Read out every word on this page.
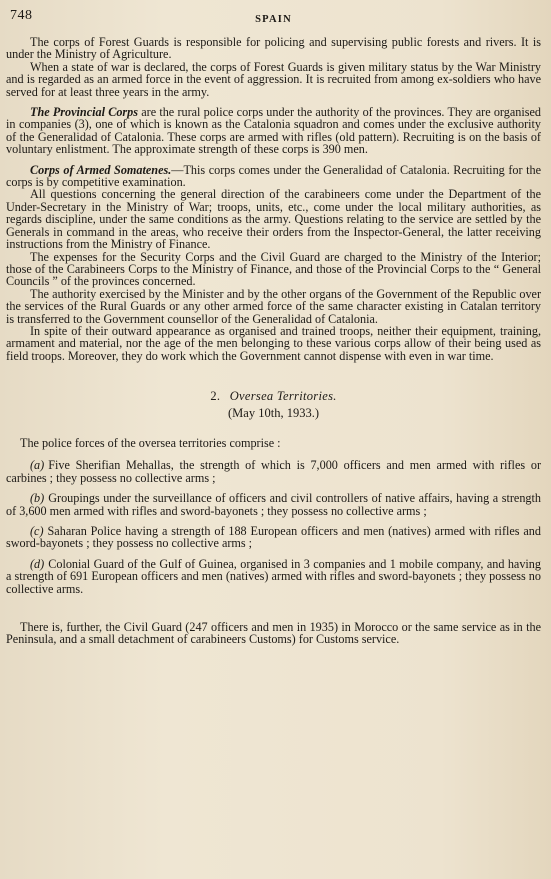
748	SPAIN

The corps of Forest Guards is responsible for policing and supervising public forests and rivers. It is under the Ministry of Agriculture.

When a state of war is declared, the corps of Forest Guards is given military status by the War Ministry and is regarded as an armed force in the event of aggression. It is recruited from among ex-soldiers who have served for at least three years in the army.

The Provincial Corps are the rural police corps under the authority of the provinces. They are organised in companies (3), one of which is known as the Catalonia squadron and comes under the exclusive authority of the Generalidad of Catalonia. These corps are armed with rifles (old pattern). Recruiting is on the basis of voluntary enlistment. The approximate strength of these corps is 390 men.

Corps of Armed Somatenes.—This corps comes under the Generalidad of Catalonia. Recruiting for the corps is by competitive examination.

All questions concerning the general direction of the carabineers come under the Department of the Under-Secretary in the Ministry of War; troops, units, etc., come under the local military authorities, as regards discipline, under the same conditions as the army. Questions relating to the service are settled by the Generals in command in the areas, who receive their orders from the Inspector-General, the latter receiving instructions from the Ministry of Finance.

The expenses for the Security Corps and the Civil Guard are charged to the Ministry of the Interior; those of the Carabineers Corps to the Ministry of Finance, and those of the Provincial Corps to the “ General Councils ” of the provinces concerned.

The authority exercised by the Minister and by the other organs of the Government of the Republic over the services of the Rural Guards or any other armed force of the same character existing in Catalan territory is transferred to the Government counsellor of the Generalidad of Catalonia.

In spite of their outward appearance as organised and trained troops, neither their equipment, training, armament and material, nor the age of the men belonging to these various corps allow of their being used as field troops. Moreover, they do work which the Government cannot dispense with even in war time.

2. Oversea Territories.
(May 10th, 1933.)

The police forces of the oversea territories comprise :

(a) Five Sherifian Mehallas, the strength of which is 7,000 officers and men armed with rifles or carbines ; they possess no collective arms ;

(b) Groupings under the surveillance of officers and civil controllers of native affairs, having a strength of 3,600 men armed with rifles and sword-bayonets ; they possess no collective arms ;

(c) Saharan Police having a strength of 188 European officers and men (natives) armed with rifles and sword-bayonets ; they possess no collective arms ;

(d) Colonial Guard of the Gulf of Guinea, organised in 3 companies and 1 mobile company, and having a strength of 691 European officers and men (natives) armed with rifles and sword-bayonets ; they possess no collective arms.

There is, further, the Civil Guard (247 officers and men in 1935) in Morocco or the same service as in the Peninsula, and a small detachment of carabineers Customs) for Customs service.
